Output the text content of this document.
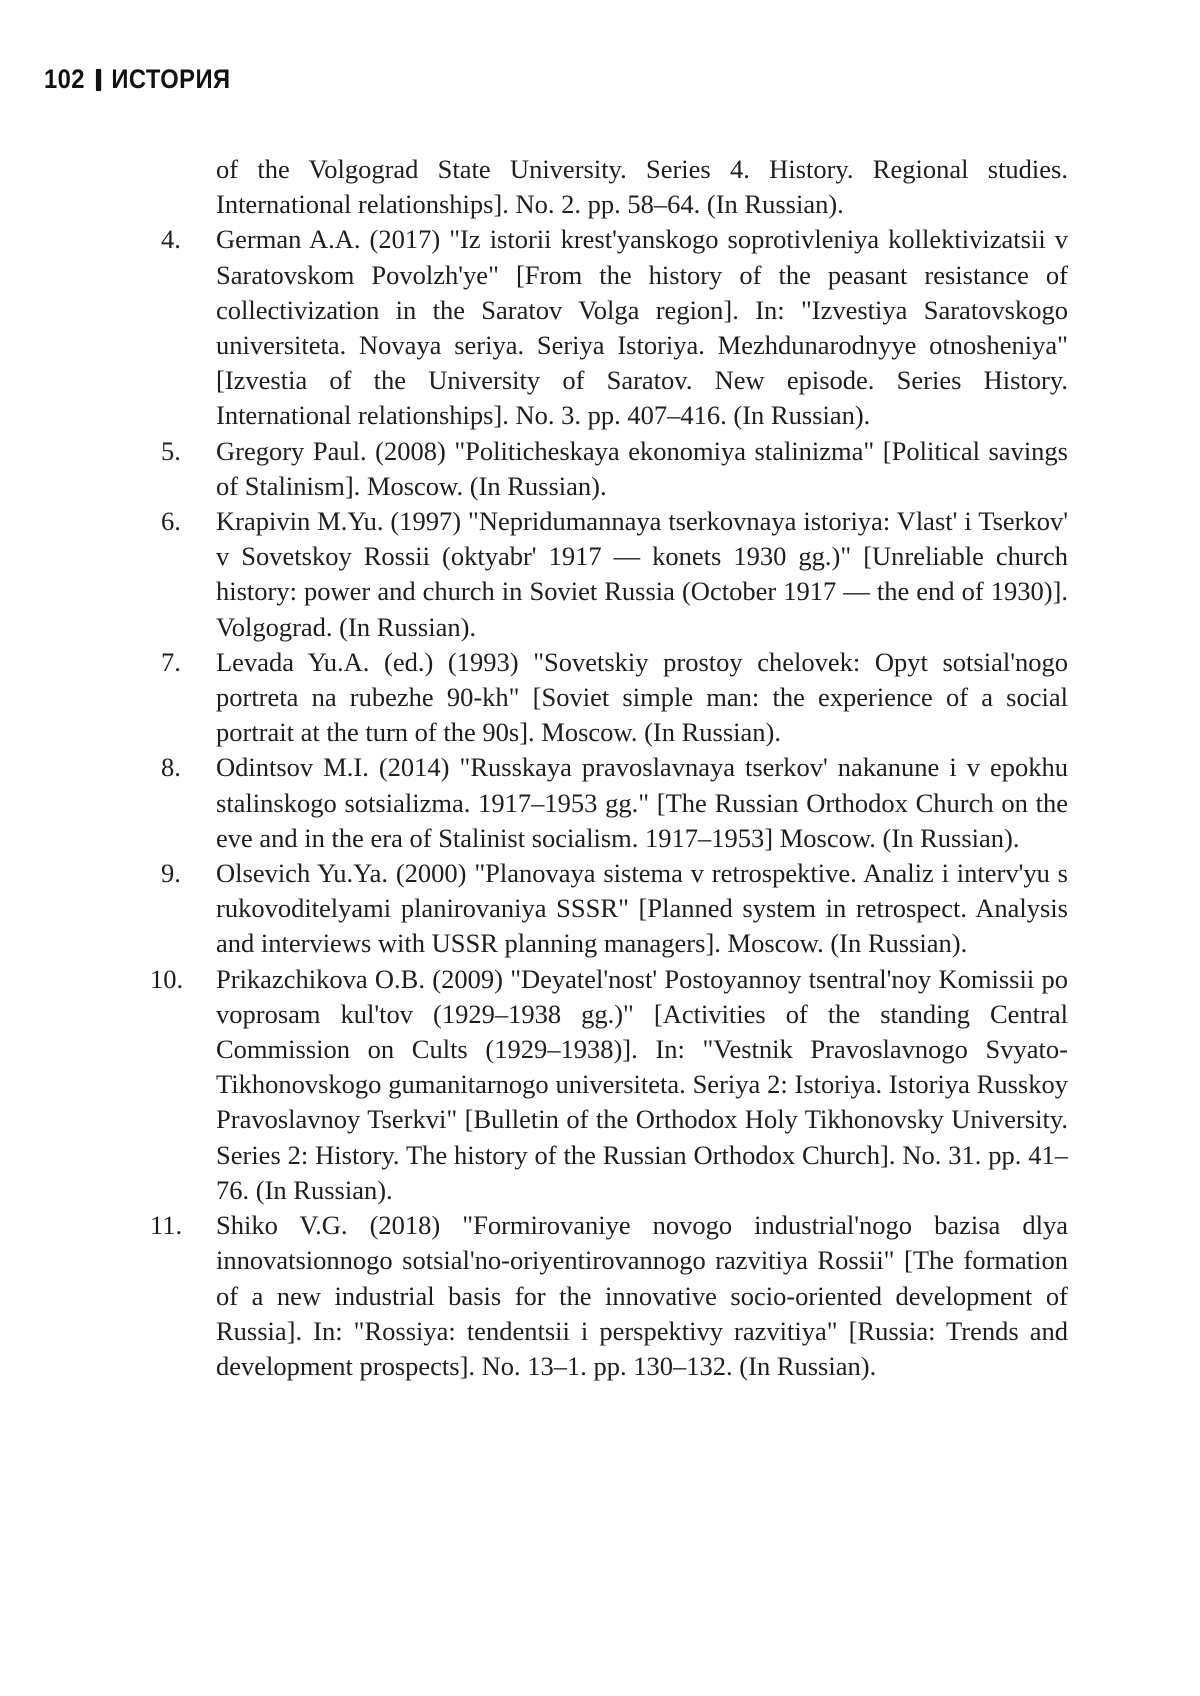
102 ИСТОРИЯ
of the Volgograd State University. Series 4. History. Regional studies. International relationships]. No. 2. pp. 58–64. (In Russian).
4. German A.A. (2017) "Iz istorii krest'yanskogo soprotivleniya kollektivizatsii v Saratovskom Povolzh'ye" [From the history of the peasant resistance of collectivization in the Saratov Volga region]. In: "Izvestiya Saratovskogo universiteta. Novaya seriya. Seriya Istoriya. Mezhdunarodnyye otnosheniya" [Izvestia of the University of Saratov. New episode. Series History. International relationships]. No. 3. pp. 407–416. (In Russian).
5. Gregory Paul. (2008) "Politicheskaya ekonomiya stalinizma" [Political savings of Stalinism]. Moscow. (In Russian).
6. Krapivin M.Yu. (1997) "Nepridumannaya tserkovnaya istoriya: Vlast' i Tserkov' v Sovetskoy Rossii (oktyabr' 1917 — konets 1930 gg.)" [Unreliable church history: power and church in Soviet Russia (October 1917 — the end of 1930)]. Volgograd. (In Russian).
7. Levada Yu.A. (ed.) (1993) "Sovetskiy prostoy chelovek: Opyt sotsial'nogo portreta na rubezhe 90-kh" [Soviet simple man: the experience of a social portrait at the turn of the 90s]. Moscow. (In Russian).
8. Odintsov M.I. (2014) "Russkaya pravoslavnaya tserkov' nakanune i v epokhu stalinskogo sotsializma. 1917–1953 gg." [The Russian Orthodox Church on the eve and in the era of Stalinist socialism. 1917–1953] Moscow. (In Russian).
9. Olsevich Yu.Ya. (2000) "Planovaya sistema v retrospektive. Analiz i interv'yu s rukovoditelyami planirovaniya SSSR" [Planned system in retrospect. Analysis and interviews with USSR planning managers]. Moscow. (In Russian).
10. Prikazchikova O.B. (2009) "Deyatel'nost' Postoyannoy tsentral'noy Komissii po voprosam kul'tov (1929–1938 gg.)" [Activities of the standing Central Commission on Cults (1929–1938)]. In: "Vestnik Pravoslavnogo Svyato-Tikhonovskogo gumanitarnogo universiteta. Seriya 2: Istoriya. Istoriya Russkoy Pravoslavnoy Tserkvi" [Bulletin of the Orthodox Holy Tikhonovsky University. Series 2: History. The history of the Russian Orthodox Church]. No. 31. pp. 41–76. (In Russian).
11. Shiko V.G. (2018) "Formirovaniye novogo industrial'nogo bazisa dlya innovatsionnogo sotsial'no-oriyentirovannogo razvitiya Rossii" [The formation of a new industrial basis for the innovative socio-oriented development of Russia]. In: "Rossiya: tendentsii i perspektivy razvitiya" [Russia: Trends and development prospects]. No. 13–1. pp. 130–132. (In Russian).
